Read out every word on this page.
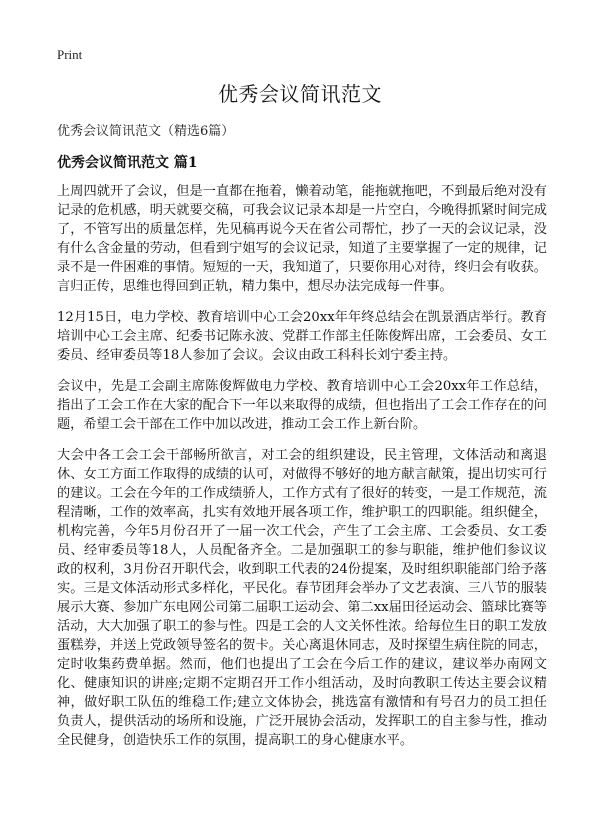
Print
优秀会议简讯范文
优秀会议简讯范文（精选6篇）
优秀会议简讯范文 篇1

上周四就开了会议，但是一直都在拖着，懒着动笔，能拖就拖吧，不到最后绝对没有记录的危机感，明天就要交稿，可我会议记录本却是一片空白，今晚得抓紧时间完成了，不管写出的质量怎样，先见稿再说今天在省公司帮忙，抄了一天的会议记录，没有什么含金量的劳动，但看到宁姐写的会议记录，知道了主要掌握了一定的规律，记录不是一件困难的事情。短短的一天，我知道了，只要你用心对待，终归会有收获。言归正传，思维也得回到正轨，精力集中，想尽办法完成每一件事。

12月15日，电力学校、教育培训中心工会20xx年年终总结会在凯景酒店举行。教育培训中心工会主席、纪委书记陈永波、党群工作部主任陈俊辉出席，工会委员、女工委员、经审委员等18人参加了会议。会议由政工科科长刘宁委主持。

会议中，先是工会副主席陈俊辉做电力学校、教育培训中心工会20xx年工作总结，指出了工会工作在大家的配合下一年以来取得的成绩，但也指出了工会工作存在的问题，希望工会干部在工作中加以改进，推动工会工作上新台阶。

大会中各工会工会干部畅所欲言，对工会的组织建设，民主管理，文体活动和离退休、女工方面工作取得的成绩的认可，对做得不够好的地方献言献策，提出切实可行的建议。工会在今年的工作成绩骄人，工作方式有了很好的转变，一是工作规范，流程清晰，工作的效率高，扎实有效地开展各项工作，维护职工的四职能。组织健全，机构完善，今年5月份召开了一届一次工代会，产生了工会主席、工会委员、女工委员、经审委员等18人，人员配备齐全。二是加强职工的参与职能，维护他们参议议政的权利，3月份召开职代会，收到职工代表的24份提案，及时组织职能部门给予落实。三是文体活动形式多样化，平民化。春节团拜会举办了文艺表演、三八节的服装展示大赛、参加广东电网公司第二届职工运动会、第二xx届田径运动会、篮球比赛等活动，大大加强了职工的参与性。四是工会的人文关怀性浓。给每位生日的职工发放蛋糕券，并送上党政领导签名的贺卡。关心离退休同志，及时探望生病住院的同志，定时收集药费单据。然而，他们也提出了工会在今后工作的建议，建议举办南网文化、健康知识的讲座;定期不定期召开工作小组活动，及时向教职工传达主要会议精神，做好职工队伍的维稳工作;建立文体协会，挑选富有激情和有号召力的员工担任负责人，提供活动的场所和设施，广泛开展协会活动，发挥职工的自主参与性，推动全民健身，创造快乐工作的氛围，提高职工的身心健康水平。
